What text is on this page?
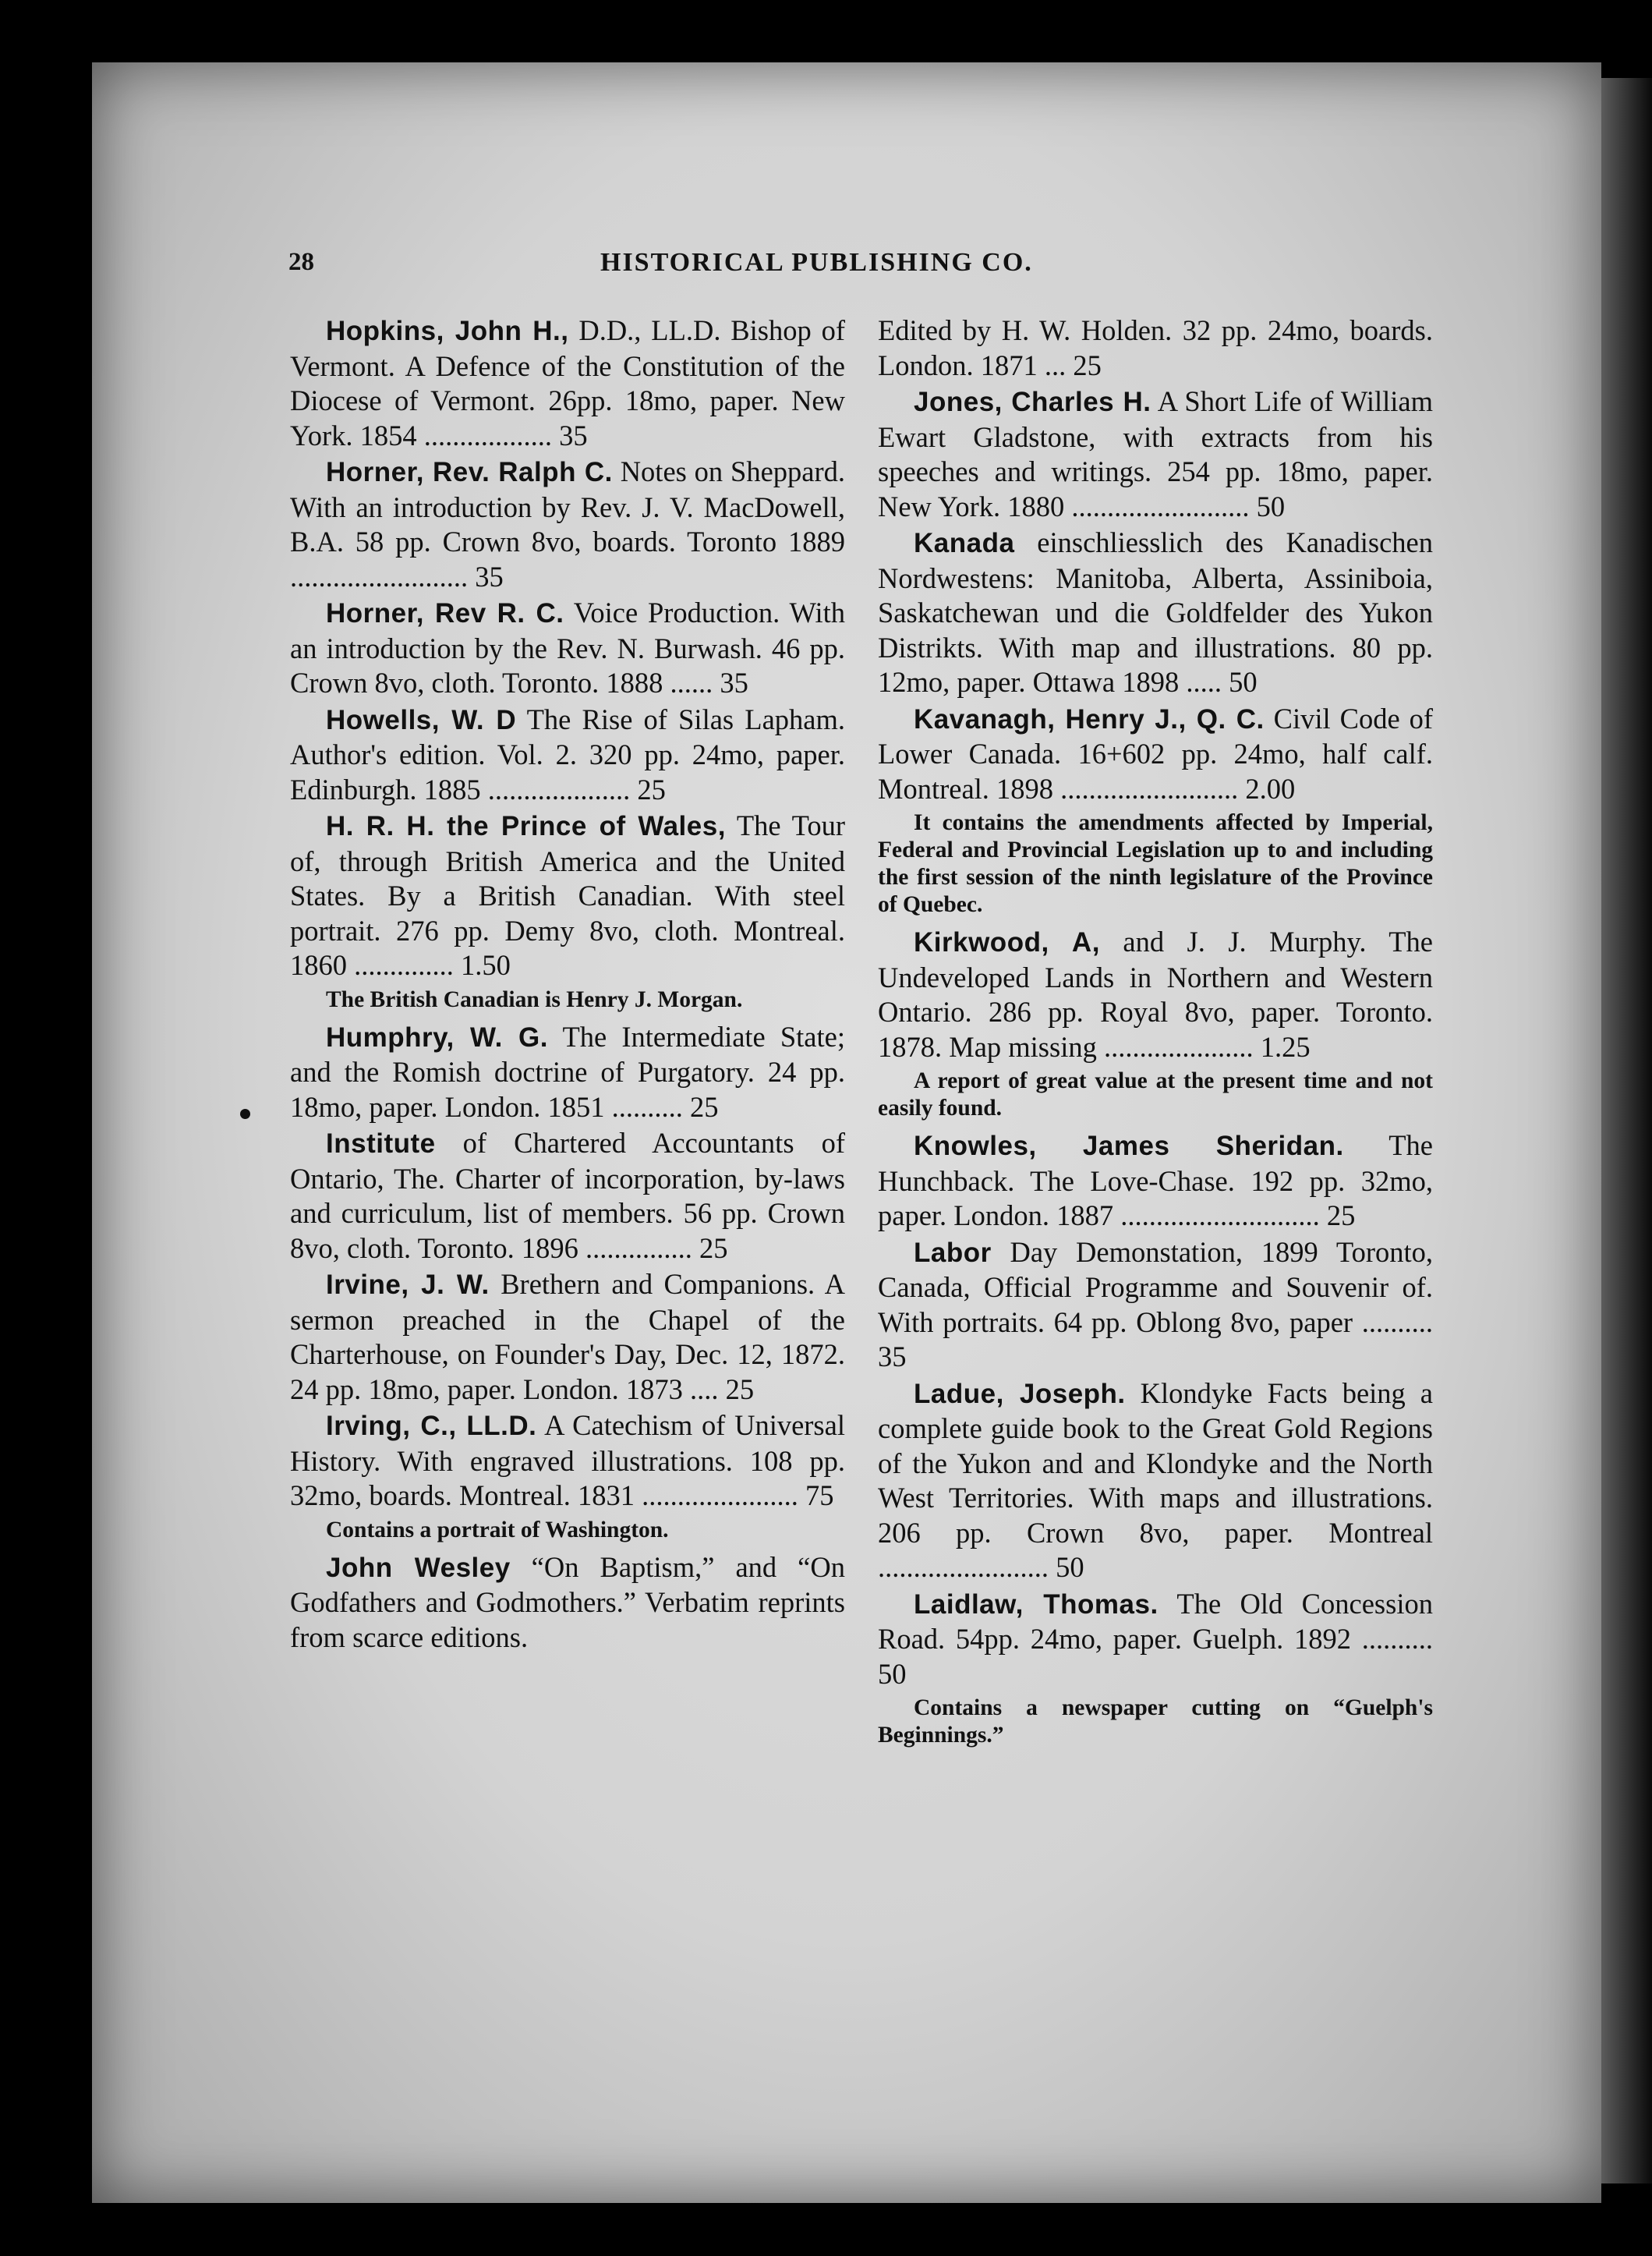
28	HISTORICAL PUBLISHING CO.

Hopkins, John H., D.D., LL.D. Bishop of Vermont. A Defence of the Constitution of the Diocese of Vermont. 26pp. 18mo, paper. New York. 1854 .................. 35

Horner, Rev. Ralph C. Notes on Sheppard. With an introduction by Rev. J. V. MacDowell, B.A. 58 pp. Crown 8vo, boards. Toronto 1889 ......................... 35

Horner, Rev R. C. Voice Production. With an introduction by the Rev. N. Burwash. 46 pp. Crown 8vo, cloth. Toronto. 1888 ...... 35

Howells, W. D The Rise of Silas Lapham. Author's edition. Vol. 2. 320 pp. 24mo, paper. Edinburgh. 1885 .................... 25

H. R. H. the Prince of Wales, The Tour of, through British America and the United States. By a British Canadian. With steel portrait. 276 pp. Demy 8vo, cloth. Montreal. 1860 .............. 1.50

The British Canadian is Henry J. Morgan.

Humphry, W. G. The Intermediate State; and the Romish doctrine of Purgatory. 24 pp. 18mo, paper. London. 1851 .......... 25

Institute of Chartered Accountants of Ontario, The. Charter of incorporation, by-laws and curriculum, list of members. 56 pp. Crown 8vo, cloth. Toronto. 1896 ............... 25

Irvine, J. W. Brethern and Companions. A sermon preached in the Chapel of the Charterhouse, on Founder's Day, Dec. 12, 1872. 24 pp. 18mo, paper. London. 1873 .... 25

Irving, C., LL.D. A Catechism of Universal History. With engraved illustrations. 108 pp. 32mo, boards. Montreal. 1831 ...................... 75

Contains a portrait of Washington.

John Wesley “On Baptism,” and “On Godfathers and Godmothers.” Verbatim reprints from scarce editions.

Edited by H. W. Holden. 32 pp. 24mo, boards. London. 1871 ... 25

Jones, Charles H. A Short Life of William Ewart Gladstone, with extracts from his speeches and writings. 254 pp. 18mo, paper. New York. 1880 ......................... 50

Kanada einschliesslich des Kanadischen Nordwestens: Manitoba, Alberta, Assiniboia, Saskatchewan und die Goldfelder des Yukon Distrikts. With map and illustrations. 80 pp. 12mo, paper. Ottawa 1898 ..... 50

Kavanagh, Henry J., Q. C. Civil Code of Lower Canada. 16+602 pp. 24mo, half calf. Montreal. 1898 ......................... 2.00

It contains the amendments affected by Imperial, Federal and Provincial Legislation up to and including the first session of the ninth legislature of the Province of Quebec.

Kirkwood, A, and J. J. Murphy. The Undeveloped Lands in Northern and Western Ontario. 286 pp. Royal 8vo, paper. Toronto. 1878. Map missing ..................... 1.25

A report of great value at the present time and not easily found.

Knowles, James Sheridan. The Hunchback. The Love-Chase. 192 pp. 32mo, paper. London. 1887 ............................ 25

Labor Day Demonstation, 1899 Toronto, Canada, Official Programme and Souvenir of. With portraits. 64 pp. Oblong 8vo, paper .......... 35

Ladue, Joseph. Klondyke Facts being a complete guide book to the Great Gold Regions of the Yukon and and Klondyke and the North West Territories. With maps and illustrations. 206 pp. Crown 8vo, paper. Montreal ........................ 50

Laidlaw, Thomas. The Old Concession Road. 54pp. 24mo, paper. Guelph. 1892 .......... 50

Contains a newspaper cutting on “Guelph's Beginnings.”
